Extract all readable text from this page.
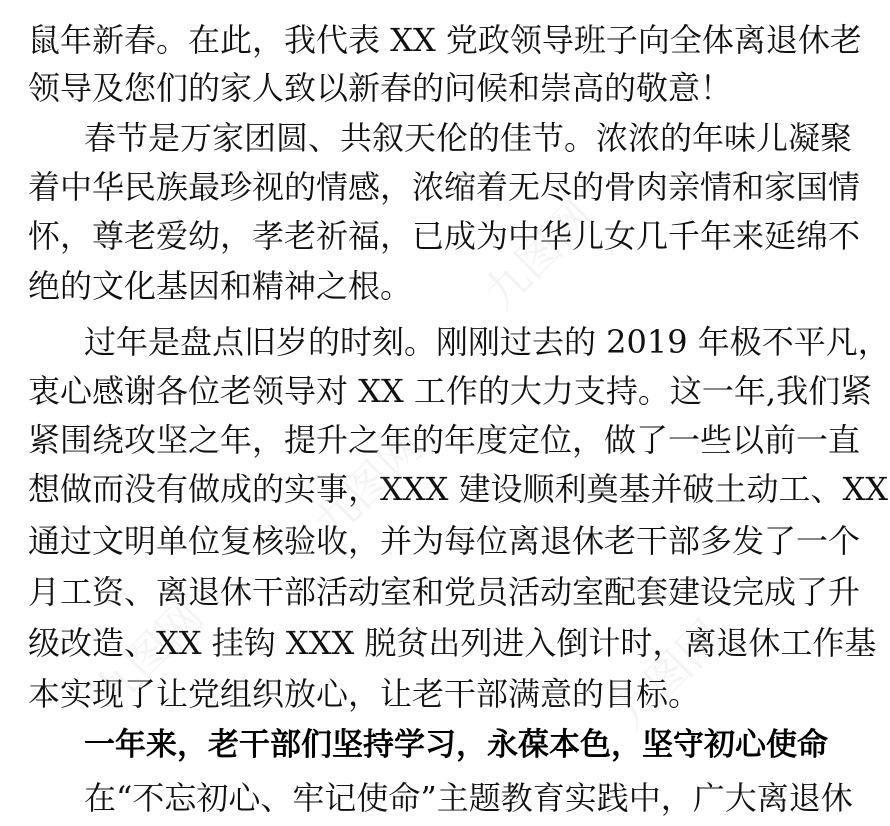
鼠年新春。在此，我代表 XX 党政领导班子向全体离退休老
领导及您们的家人致以新春的问候和崇高的敬意！
春节是万家团圆、共叙天伦的佳节。浓浓的年味儿凝聚
着中华民族最珍视的情感，浓缩着无尽的骨肉亲情和家国情
怀，尊老爱幼，孝老祈福，已成为中华儿女几千年来延绵不
绝的文化基因和精神之根。
过年是盘点旧岁的时刻。刚刚过去的 2019 年极不平凡，
衷心感谢各位老领导对 XX 工作的大力支持。这一年,我们紧
紧围绕攻坚之年，提升之年的年度定位，做了一些以前一直
想做而没有做成的实事，XXX 建设顺利奠基并破土动工、XX
通过文明单位复核验收，并为每位离退休老干部多发了一个
月工资、离退休干部活动室和党员活动室配套建设完成了升
级改造、XX 挂钩 XXX 脱贫出列进入倒计时，离退休工作基
本实现了让党组织放心，让老干部满意的目标。
一年来，老干部们坚持学习，永葆本色，坚守初心使命
在“不忘初心、牢记使命”主题教育实践中，广大离退休
九图网
九图网
九图网	九图网
